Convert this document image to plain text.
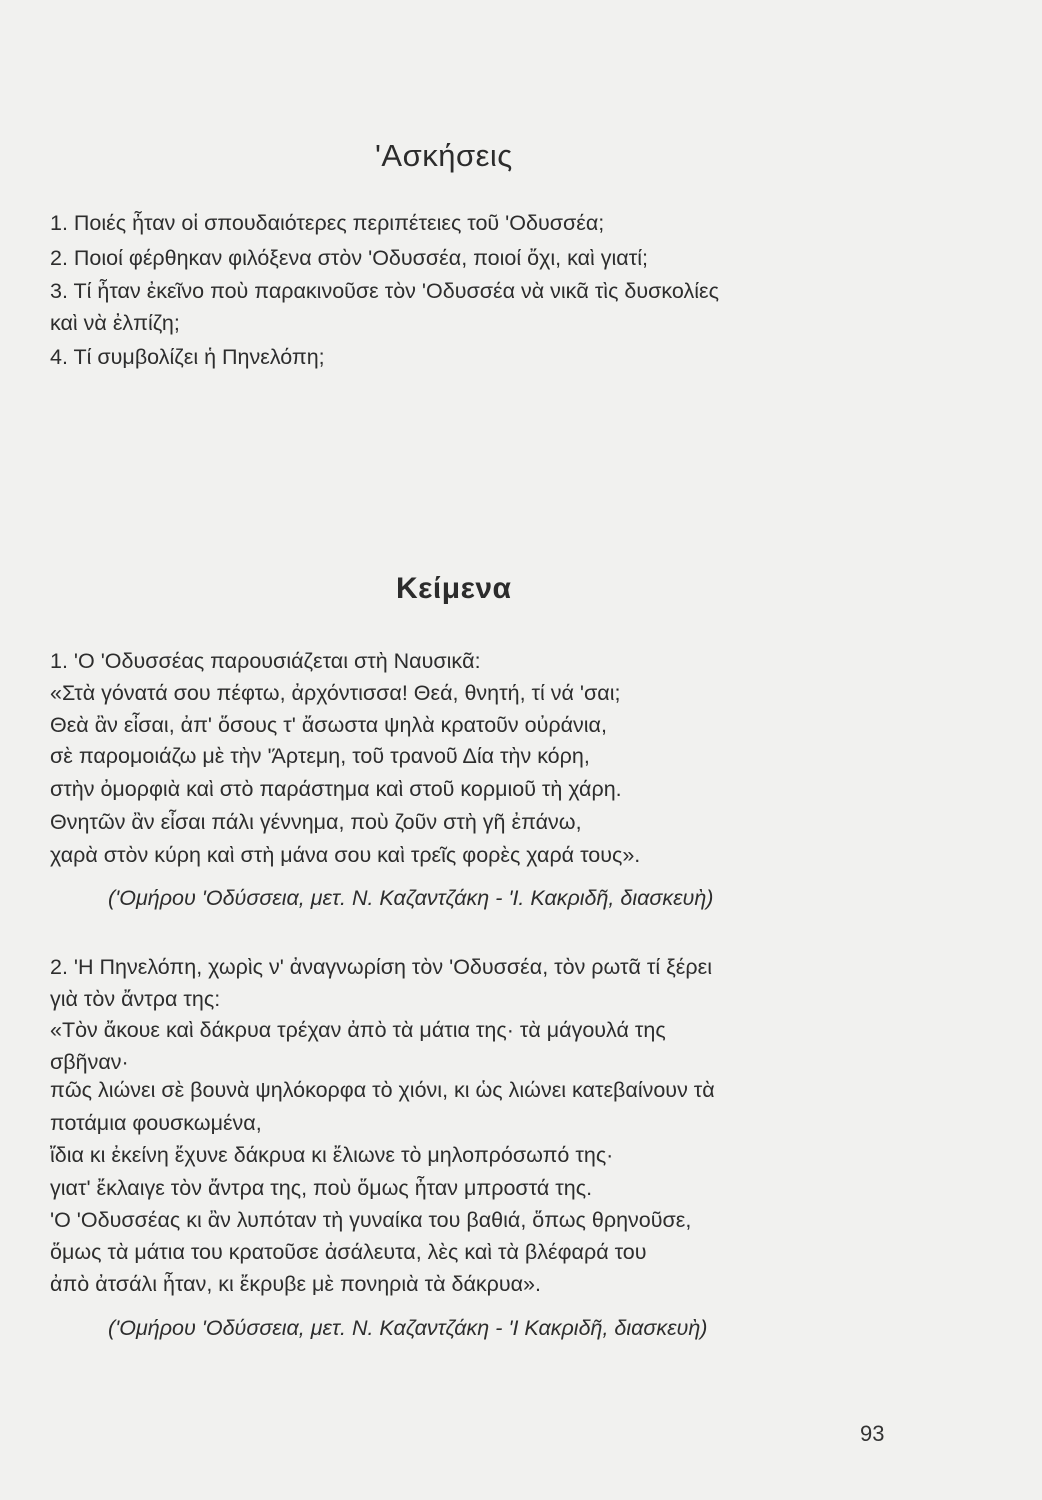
'Ασκήσεις
1. Ποιές ἦταν οἱ σπουδαιότερες περιπέτειες τοῦ 'Οδυσσέα;
2. Ποιοί φέρθηκαν φιλόξενα στὸν 'Οδυσσέα, ποιοί ὄχι, καὶ γιατί;
3. Τί ἦταν ἐκεῖνο ποὺ παρακινοῦσε τὸν 'Οδυσσέα νὰ νικᾶ τὶς δυσκολίες
καὶ νὰ ἐλπίζη;
4. Τί συμβολίζει ἡ Πηνελόπη;
Κείμενα
1. 'Ο 'Οδυσσέας παρουσιάζεται στὴ Ναυσικᾶ:
«Στὰ γόνατά σου πέφτω, ἀρχόντισσα! Θεά, θνητή, τί νά 'σαι;
Θεὰ ἂν εἶσαι, ἀπ' ὅσους τ' ἄσωστα ψηλὰ κρατοῦν οὐράνια,
σὲ παρομοιάζω μὲ τὴν 'Άρτεμη, τοῦ τρανοῦ Δία τὴν κόρη,
στὴν ὀμορφιὰ καὶ στὸ παράστημα καὶ στοῦ κορμιοῦ τὴ χάρη.
Θνητῶν ἂν εἶσαι πάλι γέννημα, ποὺ ζοῦν στὴ γῆ ἐπάνω,
χαρὰ στὸν κύρη καὶ στὴ μάνα σου καὶ τρεῖς φορὲς χαρά τους».
('Ομήρου 'Οδύσσεια, μετ. Ν. Καζαντζάκη - 'Ι. Κακριδῆ, διασκευὴ)
2. 'Η Πηνελόπη, χωρὶς ν' ἀναγνωρίση τὸν 'Οδυσσέα, τὸν ρωτᾶ τί ξέρει
γιὰ τὸν ἄντρα της:
«Τὸν ἄκουε καὶ δάκρυα τρέχαν ἀπὸ τὰ μάτια της· τὰ μάγουλά της
σβῆναν·
πῶς λιώνει σὲ βουνὰ ψηλόκορφα τὸ χιόνι, κι ὡς λιώνει κατεβαίνουν τὰ
ποτάμια φουσκωμένα,
ἴδια κι ἐκείνη ἔχυνε δάκρυα κι ἔλιωνε τὸ μηλοπρόσωπό της·
γιατ' ἔκλαιγε τὸν ἄντρα της, ποὺ ὅμως ἦταν μπροστά της.
'Ο 'Οδυσσέας κι ἂν λυπόταν τὴ γυναίκα του βαθιά, ὅπως θρηνοῦσε,
ὅμως τὰ μάτια του κρατοῦσε ἀσάλευτα, λὲς καὶ τὰ βλέφαρά του
ἀπὸ ἀτσάλι ἦταν, κι ἔκρυβε μὲ πονηριὰ τὰ δάκρυα».
('Ομήρου 'Οδύσσεια, μετ. Ν. Καζαντζάκη - 'Ι Κακριδῆ, διασκευὴ)
93
